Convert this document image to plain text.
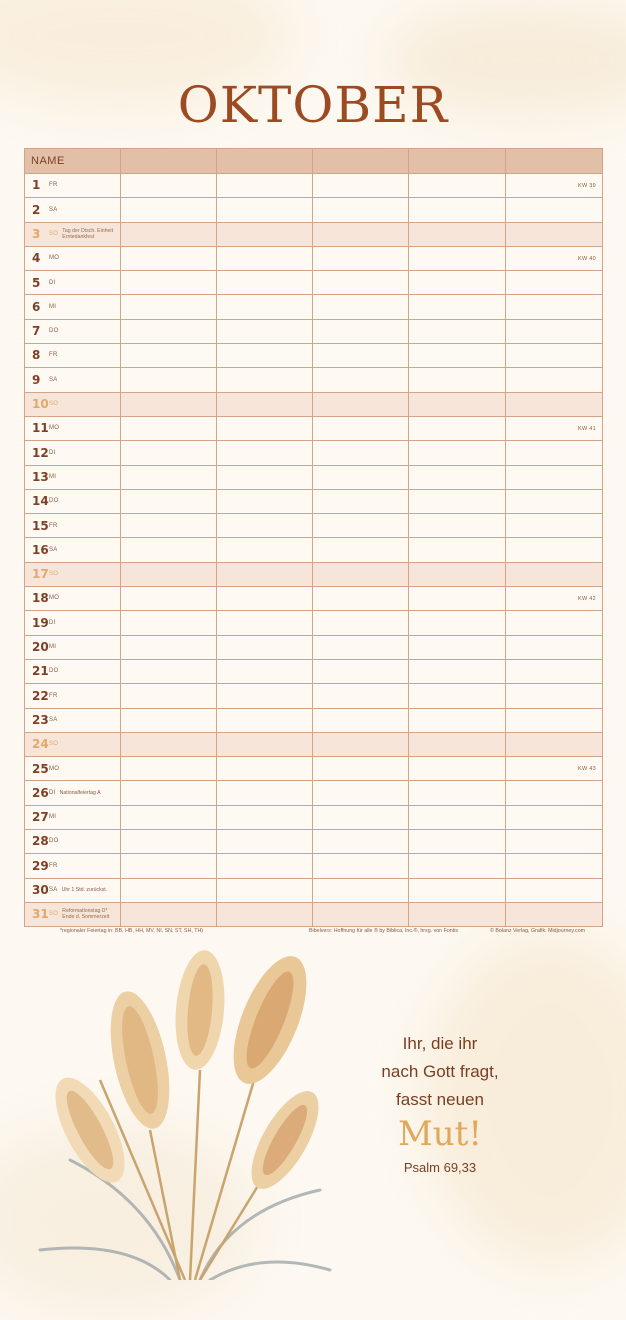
OKTOBER
NAME					
1 FR					KW 39

2 SA					
3 SO Tag der Dtsch. Einheit
Erntedankfest					
4 MO					KW 40

5 DI					
6 MI					
7 DO					
8 FR					
9 SA					
10SO					
11MO					KW 41

12DI					
13MI					
14DO					
15FR					
16SA					
17SO					
18MO					KW 42

19DI					
20MI					
21DO					
22FR					
23SA					
24SO					
25MO					KW 43

26DI Nationalfeiertag A					
27MI					
28DO					
29FR					
30SA Uhr 1 Std. zurückst.					
31SO Reformationstag D*
Ende d. Sommerzeit					
*regionaler Feiertag in: BB, HB, HH, MV, NI, SN, ST, SH, TH)	Bibelvers: Hoffnung für alle ® by Biblica, Inc.®, hrsg. von Fontis	© Bolanz Verlag, Grafik: Midjourney.com
Ihr, die ihr
nach Gott fragt,
fasst neuen
Mut!
Psalm 69,33
